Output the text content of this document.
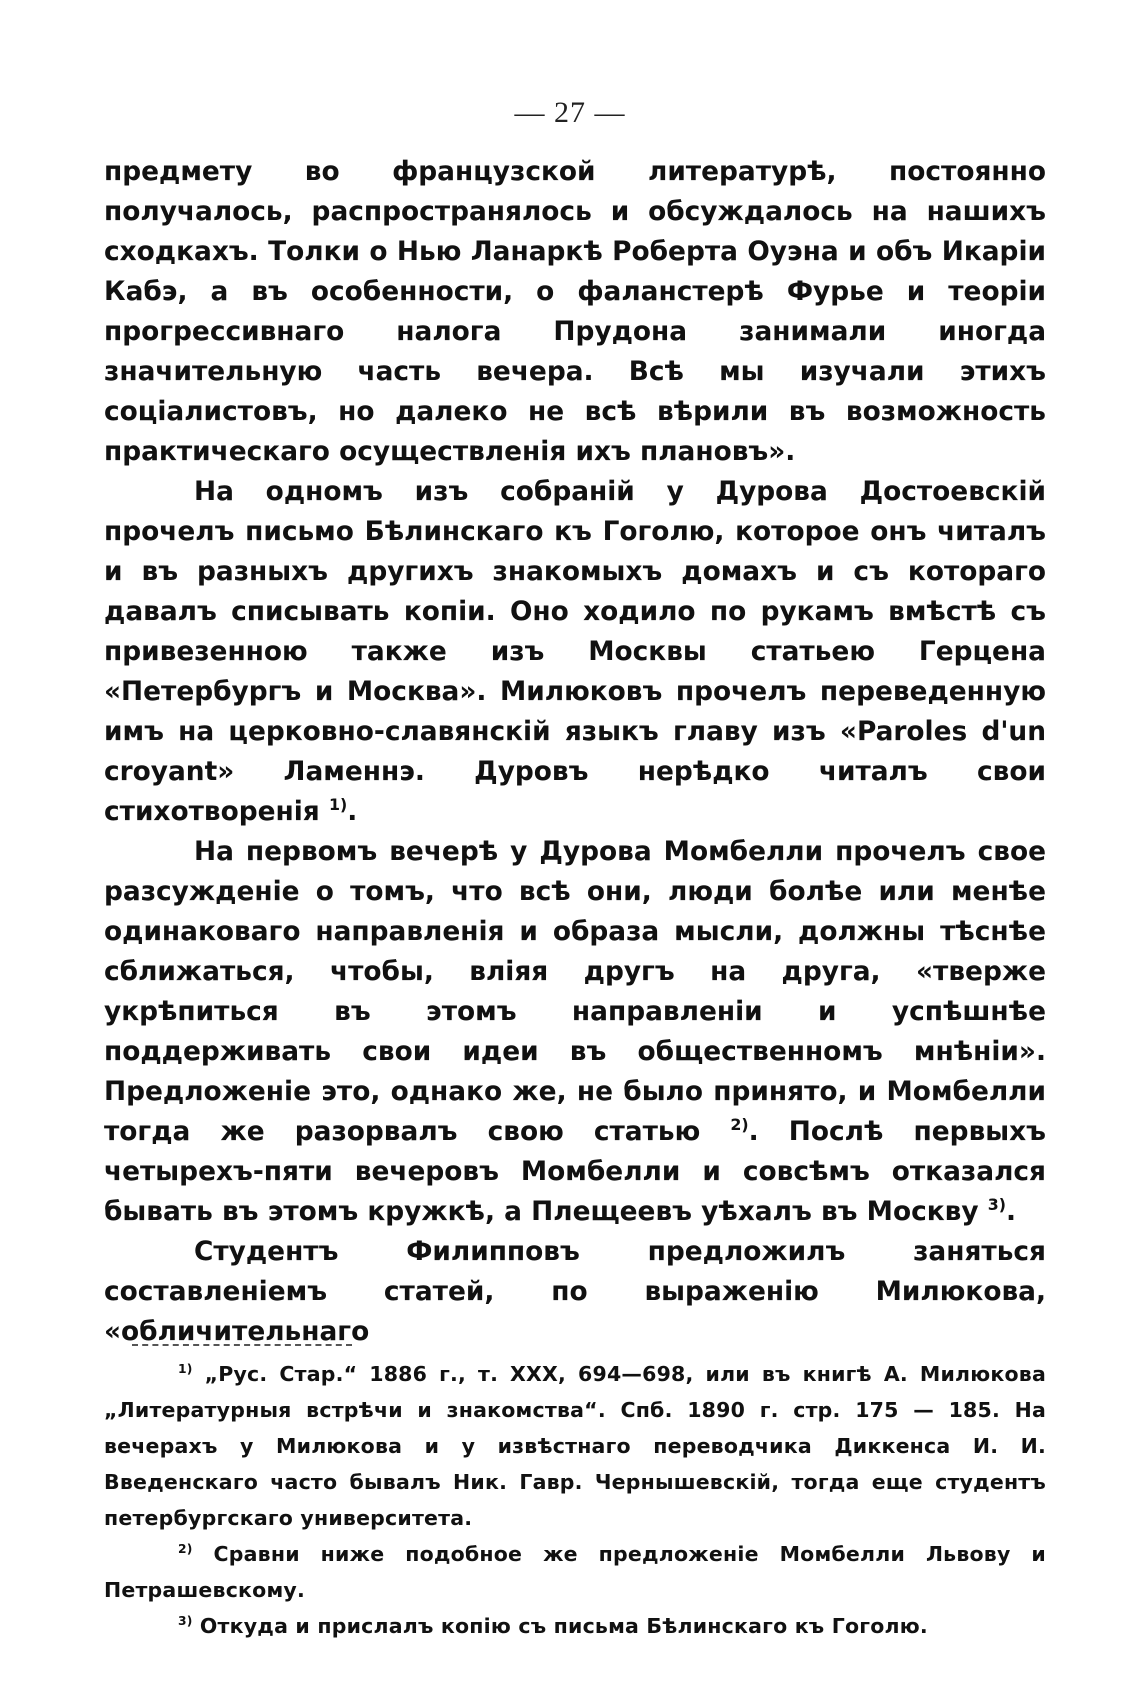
— 27 —

предмету во французской литературѣ, постоянно получалось, распространялось и обсуждалось на нашихъ сходкахъ. Толки о Нью Ланаркѣ Роберта Оуэна и объ Икаріи Кабэ, а въ особенности, о фаланстерѣ Фурье и теоріи прогрессивнаго налога Прудона занимали иногда значительную часть вечера. Всѣ мы изучали этихъ соціалистовъ, но далеко не всѣ вѣрили въ возможность практическаго осуществленія ихъ плановъ».

На одномъ изъ собраній у Дурова Достоевскій прочелъ письмо Бѣлинскаго къ Гоголю, которое онъ читалъ и въ разныхъ другихъ знакомыхъ домахъ и съ котораго давалъ списывать копіи. Оно ходило по рукамъ вмѣстѣ съ привезенною также изъ Москвы статьею Герцена «Петербургъ и Москва». Милюковъ прочелъ переведенную имъ на церковно-славянскій языкъ главу изъ «Paroles d'un croyant» Ламеннэ. Дуровъ нерѣдко читалъ свои стихотворенія $^{1)}$.

На первомъ вечерѣ у Дурова Момбелли прочелъ свое разсужденіе о томъ, что всѣ они, люди болѣе или менѣе одинаковаго направленія и образа мысли, должны тѣснѣе сближаться, чтобы, вліяя другъ на друга, «тверже укрѣпиться въ этомъ направленіи и успѣшнѣе поддерживать свои идеи въ общественномъ мнѣніи». Предложеніе это, однако же, не было принято, и Момбелли тогда же разорвалъ свою статью $^{2)}$. Послѣ первыхъ четырехъ-пяти вечеровъ Момбелли и совсѣмъ отказался бывать въ этомъ кружкѣ, а Плещеевъ уѣхалъ въ Москву $^{3)}$.

Студентъ Филипповъ предложилъ заняться составленіемъ статей, по выраженію Милюкова, «обличительнаго

$^{1)}$ „Рус. Стар.“ 1886 г., т. XXX, 694—698, или въ книгѣ А. Милюкова „Литературныя встрѣчи и знакомства“. Спб. 1890 г. стр. 175 — 185. На вечерахъ у Милюкова и у извѣстнаго переводчика Диккенса И. И. Введенскаго часто бывалъ Ник. Гавр. Чернышевскій, тогда еще студентъ петербургскаго университета.

$^{2)}$ Сравни ниже подобное же предложеніе Момбелли Львову и Петрашевскому.

$^{3)}$ Откуда и прислалъ копію съ письма Бѣлинскаго къ Гоголю.
